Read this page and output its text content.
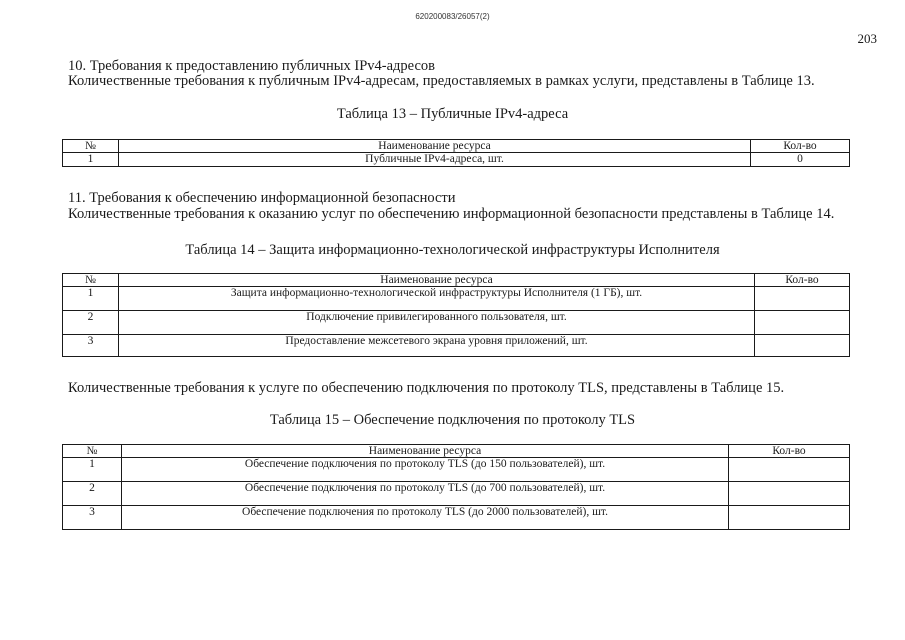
620200083/26057(2)
203
10. Требования к предоставлению публичных IPv4-адресов
Количественные требования к публичным IPv4-адресам, предоставляемых в рамках услуги, представлены в Таблице 13.
Таблица 13 – Публичные IPv4-адреса
№	Наименование ресурса	Кол-во
1	Публичные IPv4-адреса, шт.	0
11. Требования к обеспечению информационной безопасности
Количественные требования к оказанию услуг по обеспечению информационной безопасности представлены в Таблице 14.
Таблица 14 – Защита информационно-технологической инфраструктуры Исполнителя
№	Наименование ресурса	Кол-во
1	Защита информационно-технологической инфраструктуры Исполнителя (1 ГБ), шт.	
2	Подключение привилегированного пользователя, шт.	
3	Предоставление межсетевого экрана уровня приложений, шт.	
Количественные требования к услуге по обеспечению подключения по протоколу TLS, представлены в Таблице 15.
Таблица 15 – Обеспечение подключения по протоколу TLS
№	Наименование ресурса	Кол-во
1	Обеспечение подключения по протоколу TLS (до 150 пользователей), шт.	
2	Обеспечение подключения по протоколу TLS (до 700 пользователей), шт.	
3	Обеспечение подключения по протоколу TLS (до 2000 пользователей), шт.	
